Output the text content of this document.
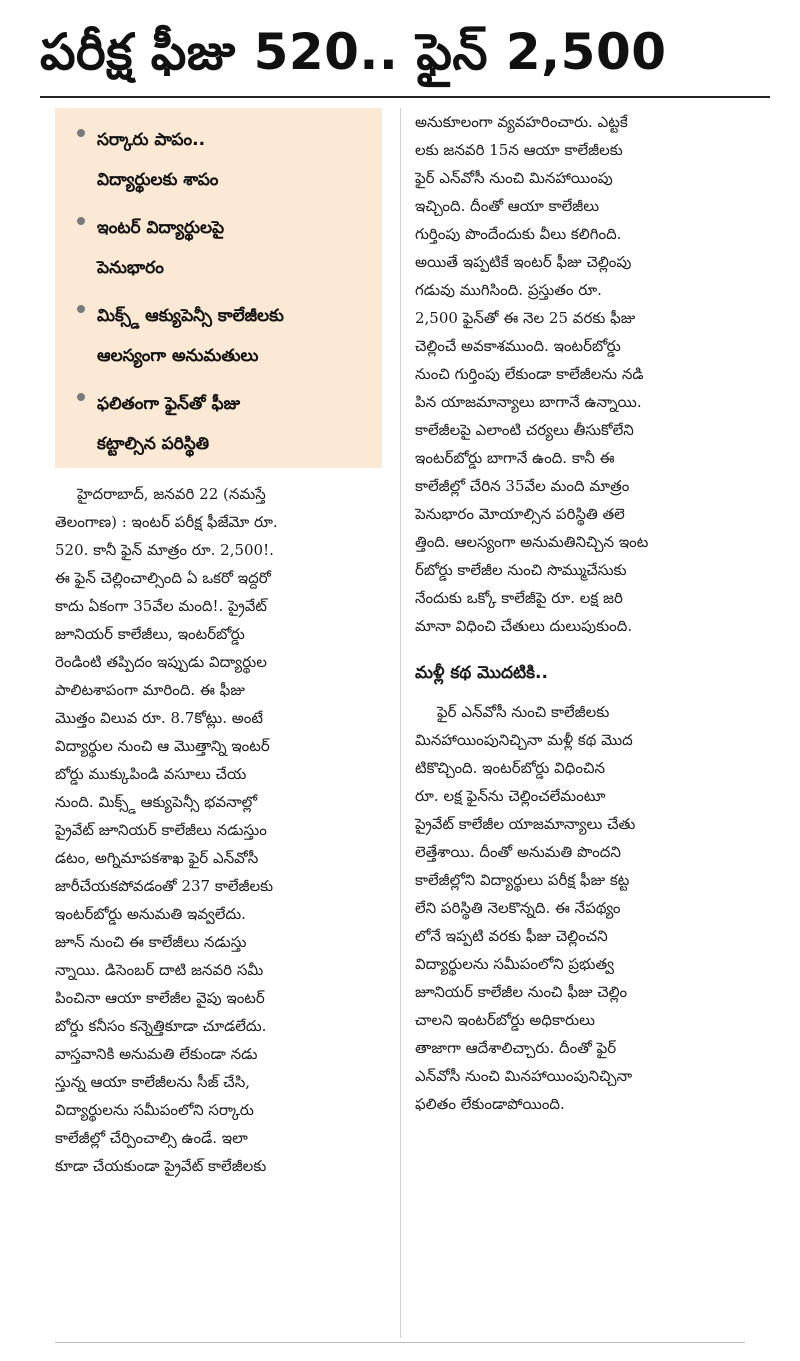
పరీక్ష ఫీజు 520.. ఫైన్ 2,500
సర్కారు పాపం..
విద్యార్థులకు శాపం
ఇంటర్ విద్యార్థులపై
పెనుభారం
మిక్స్డ్ ఆక్యుపెన్సీ కాలేజీలకు
ఆలస్యంగా అనుమతులు
ఫలితంగా ఫైన్‌తో ఫీజు
కట్టాల్సిన పరిస్థితి
హైదరాబాద్, జనవరి 22 (నమస్తే
తెలంగాణ) : ఇంటర్ పరీక్ష ఫీజేమో రూ.
520. కానీ ఫైన్ మాత్రం రూ. 2,500!.
ఈ ఫైన్ చెల్లించాల్సింది ఏ ఒకరో ఇద్దరో
కాదు ఏకంగా 35వేల మంది!. ప్రైవేట్
జూనియర్ కాలేజీలు, ఇంటర్‌బోర్డు
రెండింటి తప్పిదం ఇప్పుడు విద్యార్థుల
పాలిటశాపంగా మారింది. ఈ ఫీజు
మొత్తం విలువ రూ. 8.7కోట్లు. అంటే
విద్యార్థుల నుంచి ఆ మొత్తాన్ని ఇంటర్
బోర్డు ముక్కుపిండి వసూలు చేయ
నుంది. మిక్స్డ్ ఆక్యుపెన్సీ భవనాల్లో
ప్రైవేట్ జూనియర్ కాలేజీలు నడుస్తుం
డటం, అగ్నిమాపకశాఖ ఫైర్ ఎన్‌వోసీ
జారీచేయకపోవడంతో 237 కాలేజీలకు
ఇంటర్‌బోర్డు అనుమతి ఇవ్వలేదు.
జూన్ నుంచి ఈ కాలేజీలు నడుస్తు
న్నాయి. డిసెంబర్ దాటి జనవరి సమీ
పించినా ఆయా కాలేజీల వైపు ఇంటర్
బోర్డు కనీసం కన్నెత్తికూడా చూడలేదు.
వాస్తవానికి అనుమతి లేకుండా నడు
స్తున్న ఆయా కాలేజీలను సీజ్ చేసి,
విద్యార్థులను సమీపంలోని సర్కారు
కాలేజీల్లో చేర్పించాల్సి ఉండే. ఇలా
కూడా చేయకుండా ప్రైవేట్ కాలేజీలకు
అనుకూలంగా వ్యవహరించారు. ఎట్టకే
లకు జనవరి 15న ఆయా కాలేజీలకు
ఫైర్ ఎన్‌వోసీ నుంచి మినహాయింపు
ఇచ్చింది. దీంతో ఆయా కాలేజీలు
గుర్తింపు పొందేందుకు వీలు కలిగింది.
అయితే ఇప్పటికే ఇంటర్ ఫీజు చెల్లింపు
గడువు ముగిసింది. ప్రస్తుతం రూ.
2,500 ఫైన్‌తో ఈ నెల 25 వరకు ఫీజు
చెల్లించే అవకాశముంది. ఇంటర్‌బోర్డు
నుంచి గుర్తింపు లేకుండా కాలేజీలను నడి
పిన యాజమాన్యాలు బాగానే ఉన్నాయి.
కాలేజీలపై ఎలాంటి చర్యలు తీసుకోలేని
ఇంటర్‌బోర్డు బాగానే ఉంది. కానీ ఈ
కాలేజీల్లో చేరిన 35వేల మంది మాత్రం
పెనుభారం మోయాల్సిన పరిస్థితి తలె
త్తింది. ఆలస్యంగా అనుమతినిచ్చిన ఇంట
ర్‌బోర్డు కాలేజీల నుంచి సొమ్ముచేసుకు
నేందుకు ఒక్కో కాలేజీపై రూ. లక్ష జరి
మానా విధించి చేతులు దులుపుకుంది.
మళ్లీ కథ మొదటికి..
ఫైర్ ఎన్‌వోసీ నుంచి కాలేజీలకు
మినహాయింపునిచ్చినా మళ్లీ కథ మొద
టికొచ్చింది. ఇంటర్‌బోర్డు విధించిన
రూ. లక్ష ఫైన్‌ను చెల్లించలేమంటూ
ప్రైవేట్ కాలేజీల యాజమాన్యాలు చేతు
లెత్తేశాయి. దీంతో అనుమతి పొందని
కాలేజీల్లోని విద్యార్థులు పరీక్ష ఫీజు కట్ట
లేని పరిస్థితి నెలకొన్నది. ఈ నేపథ్యం
లోనే ఇప్పటి వరకు ఫీజు చెల్లించని
విద్యార్థులను సమీపంలోని ప్రభుత్వ
జూనియర్ కాలేజీల నుంచి ఫీజు చెల్లిం
చాలని ఇంటర్‌బోర్డు అధికారులు
తాజాగా ఆదేశాలిచ్చారు. దీంతో ఫైర్
ఎన్‌వోసీ నుంచి మినహాయింపునిచ్చినా
ఫలితం లేకుండాపోయింది.
